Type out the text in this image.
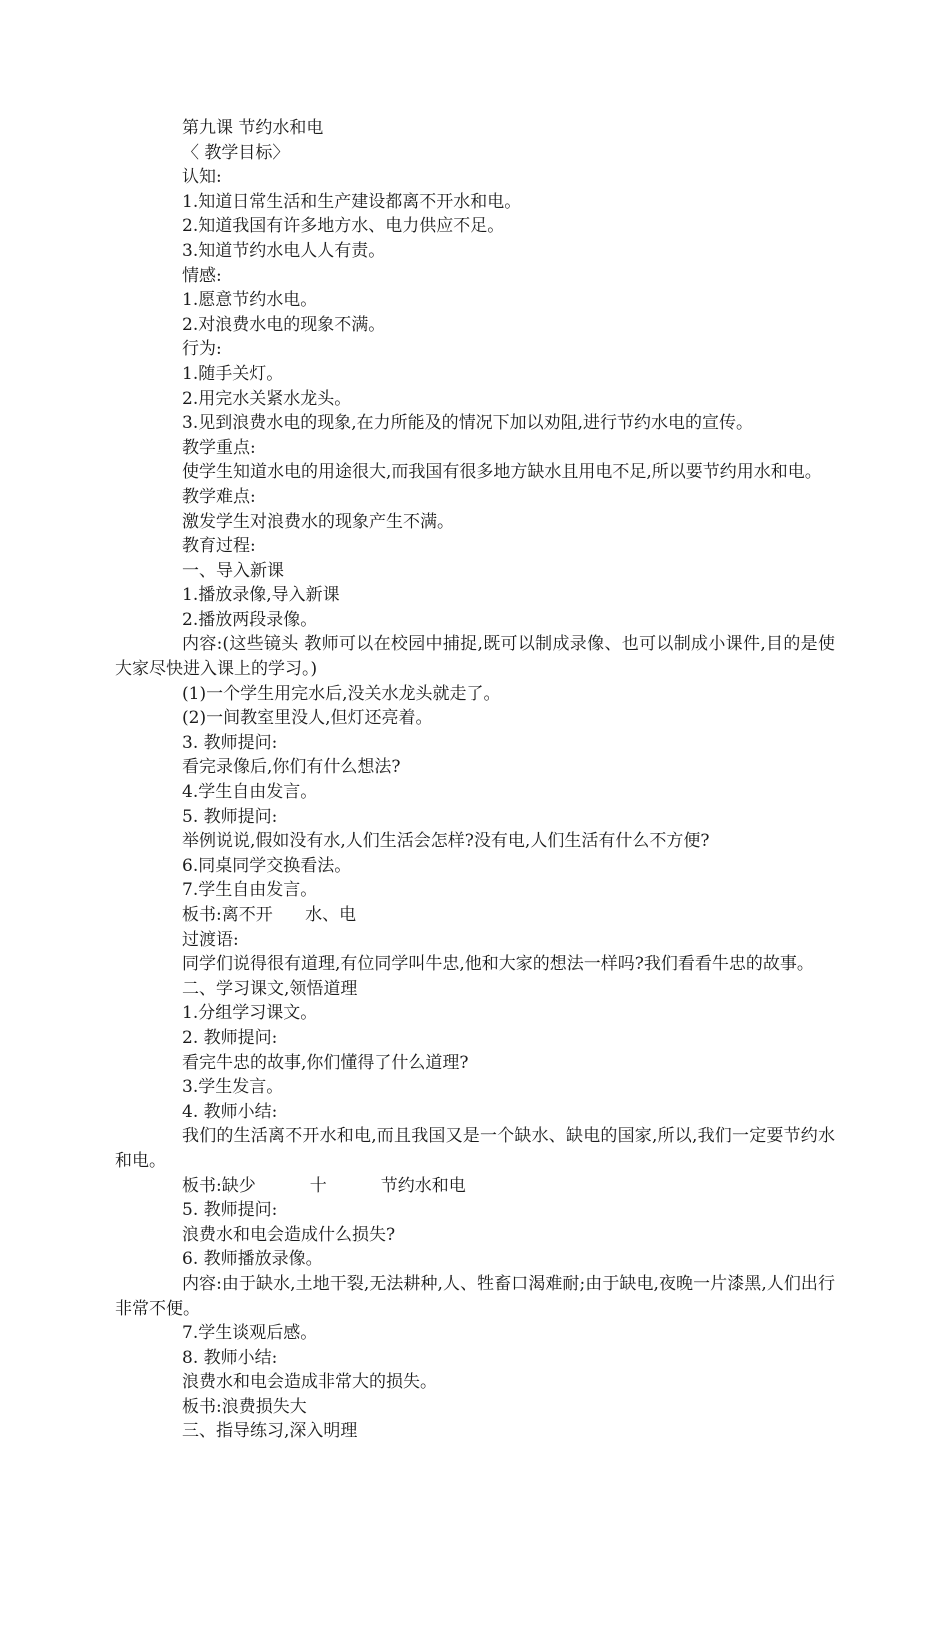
第九课 节约水和电

〈 教学目标〉

认知:

1.知道日常生活和生产建设都离不开水和电。

2.知道我国有许多地方水、电力供应不足。

3.知道节约水电人人有责。

情感:

1.愿意节约水电。

2.对浪费水电的现象不满。

行为:

1.随手关灯。

2.用完水关紧水龙头。

3.见到浪费水电的现象,在力所能及的情况下加以劝阻,进行节约水电的宣传。

教学重点:

使学生知道水电的用途很大,而我国有很多地方缺水且用电不足,所以要节约用水和电。

教学难点:

激发学生对浪费水的现象产生不满。

教育过程:

一、导入新课

1.播放录像,导入新课

2.播放两段录像。

内容:(这些镜头 教师可以在校园中捕捉,既可以制成录像、也可以制成小课件,目的是使大家尽快进入课上的学习。)

(1)一个学生用完水后,没关水龙头就走了。

(2)一间教室里没人,但灯还亮着。

3. 教师提问:

看完录像后,你们有什么想法?

4.学生自由发言。

5. 教师提问:

举例说说,假如没有水,人们生活会怎样?没有电,人们生活有什么不方便?

6.同桌同学交换看法。

7.学生自由发言。

板书:离不开      水、电

过渡语:

同学们说得很有道理,有位同学叫牛忠,他和大家的想法一样吗?我们看看牛忠的故事。

二、学习课文,领悟道理

1.分组学习课文。

2. 教师提问:

看完牛忠的故事,你们懂得了什么道理?

3.学生发言。

4. 教师小结:

我们的生活离不开水和电,而且我国又是一个缺水、缺电的国家,所以,我们一定要节约水和电。

板书:缺少          十          节约水和电

5. 教师提问:

浪费水和电会造成什么损失?

6. 教师播放录像。

内容:由于缺水,土地干裂,无法耕种,人、牲畜口渴难耐;由于缺电,夜晚一片漆黑,人们出行非常不便。

7.学生谈观后感。

8. 教师小结:

浪费水和电会造成非常大的损失。

板书:浪费损失大

三、指导练习,深入明理
